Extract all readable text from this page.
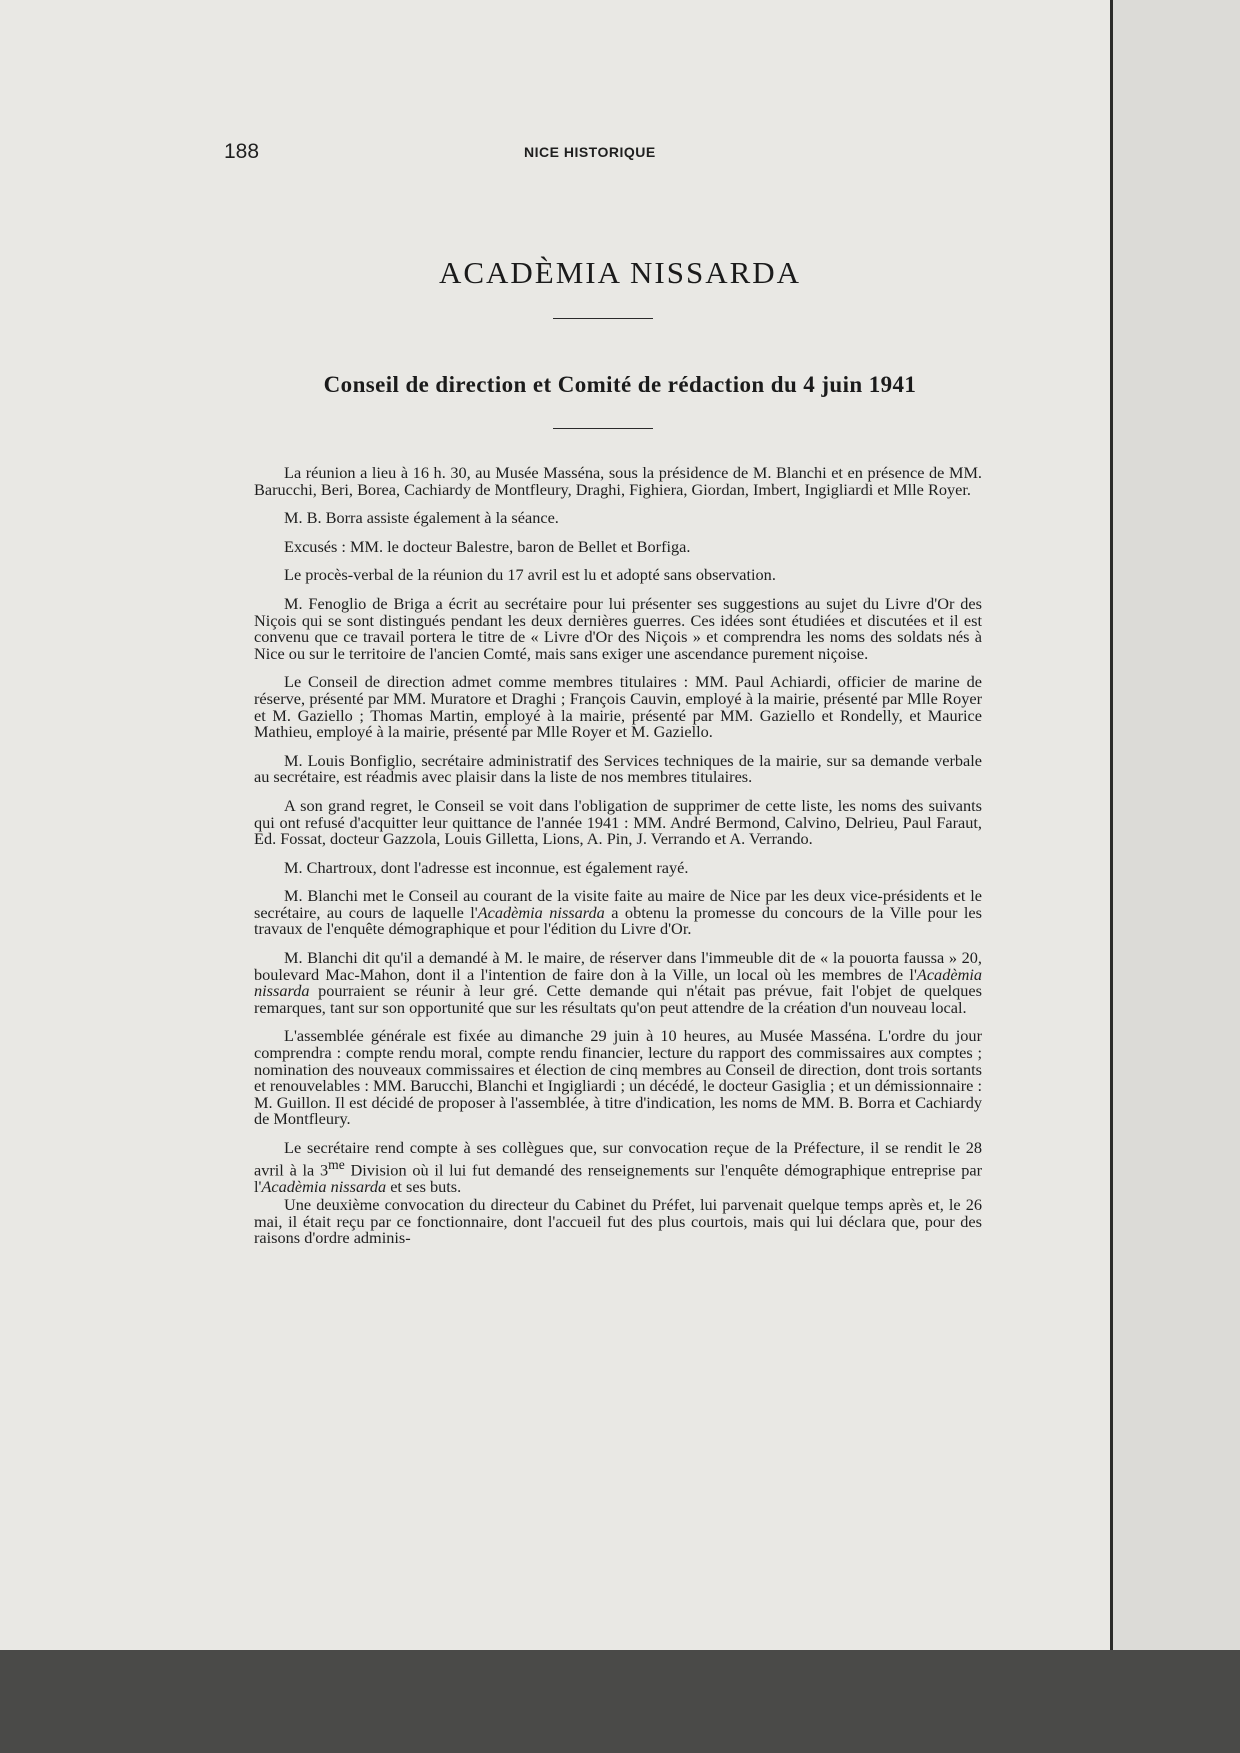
188	NICE HISTORIQUE
ACADÈMIA NISSARDA
Conseil de direction et Comité de rédaction du 4 juin 1941

La réunion a lieu à 16 h. 30, au Musée Masséna, sous la présidence de M. Blanchi et en présence de MM. Barucchi, Beri, Borea, Cachiardy de Montfleury, Draghi, Fighiera, Giordan, Imbert, Ingigliardi et Mlle Royer.

M. B. Borra assiste également à la séance.

Excusés : MM. le docteur Balestre, baron de Bellet et Borfiga.

Le procès-verbal de la réunion du 17 avril est lu et adopté sans observation.

M. Fenoglio de Briga a écrit au secrétaire pour lui présenter ses suggestions au sujet du Livre d'Or des Niçois qui se sont distingués pendant les deux dernières guerres. Ces idées sont étudiées et discutées et il est convenu que ce travail portera le titre de « Livre d'Or des Niçois » et comprendra les noms des soldats nés à Nice ou sur le territoire de l'ancien Comté, mais sans exiger une ascendance purement niçoise.

Le Conseil de direction admet comme membres titulaires : MM. Paul Achiardi, officier de marine de réserve, présenté par MM. Muratore et Draghi ; François Cauvin, employé à la mairie, présenté par Mlle Royer et M. Gaziello ; Thomas Martin, employé à la mairie, présenté par MM. Gaziello et Rondelly, et Maurice Mathieu, employé à la mairie, présenté par Mlle Royer et M. Gaziello.

M. Louis Bonfiglio, secrétaire administratif des Services techniques de la mairie, sur sa demande verbale au secrétaire, est réadmis avec plaisir dans la liste de nos membres titulaires.

A son grand regret, le Conseil se voit dans l'obligation de supprimer de cette liste, les noms des suivants qui ont refusé d'acquitter leur quittance de l'année 1941 : MM. André Bermond, Calvino, Delrieu, Paul Faraut, Ed. Fossat, docteur Gazzola, Louis Gilletta, Lions, A. Pin, J. Verrando et A. Verrando.

M. Chartroux, dont l'adresse est inconnue, est également rayé.

M. Blanchi met le Conseil au courant de la visite faite au maire de Nice par les deux vice-présidents et le secrétaire, au cours de laquelle l'Acadèmia nissarda a obtenu la promesse du concours de la Ville pour les travaux de l'enquête démographique et pour l'édition du Livre d'Or.

M. Blanchi dit qu'il a demandé à M. le maire, de réserver dans l'immeuble dit de « la pouorta faussa » 20, boulevard Mac-Mahon, dont il a l'intention de faire don à la Ville, un local où les membres de l'Acadèmia nissarda pourraient se réunir à leur gré. Cette demande qui n'était pas prévue, fait l'objet de quelques remarques, tant sur son opportunité que sur les résultats qu'on peut attendre de la création d'un nouveau local.

L'assemblée générale est fixée au dimanche 29 juin à 10 heures, au Musée Masséna. L'ordre du jour comprendra : compte rendu moral, compte rendu financier, lecture du rapport des commissaires aux comptes ; nomination des nouveaux commissaires et élection de cinq membres au Conseil de direction, dont trois sortants et renouvelables : MM. Barucchi, Blanchi et Ingigliardi ; un décédé, le docteur Gasiglia ; et un démissionnaire : M. Guillon. Il est décidé de proposer à l'assemblée, à titre d'indication, les noms de MM. B. Borra et Cachiardy de Montfleury.

Le secrétaire rend compte à ses collègues que, sur convocation reçue de la Préfecture, il se rendit le 28 avril à la $3^{me}$ Division où il lui fut demandé des renseignements sur l'enquête démographique entreprise par l'Acadèmia nissarda et ses buts.

Une deuxième convocation du directeur du Cabinet du Préfet, lui parvenait quelque temps après et, le 26 mai, il était reçu par ce fonctionnaire, dont l'accueil fut des plus courtois, mais qui lui déclara que, pour des raisons d'ordre adminis-
